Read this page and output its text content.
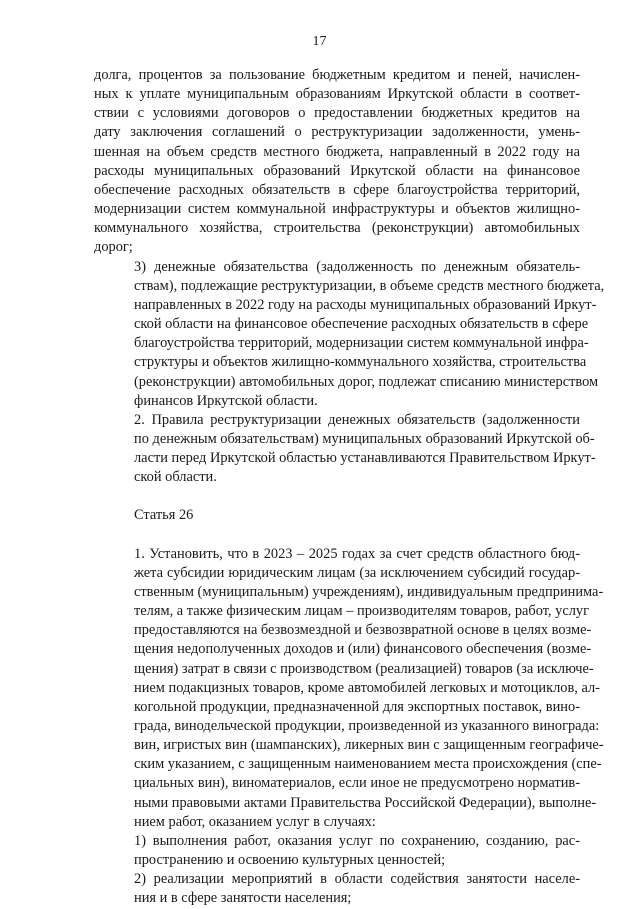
17
долга, процентов за пользование бюджетным кредитом и пеней, начислен-
ных к уплате муниципальным образованиям Иркутской области в соответ-
ствии с условиями договоров о предоставлении бюджетных кредитов на
дату заключения соглашений о реструктуризации задолженности, умень-
шенная на объем средств местного бюджета, направленный в 2022 году на
расходы муниципальных образований Иркутской области на финансовое
обеспечение расходных обязательств в сфере благоустройства территорий,
модернизации систем коммунальной инфраструктуры и объектов жилищно-
коммунального хозяйства, строительства (реконструкции) автомобильных
дорог;
3) денежные обязательства (задолженность по денежным обязатель-
ствам), подлежащие реструктуризации, в объеме средств местного бюджета,
направленных в 2022 году на расходы муниципальных образований Иркут-
ской области на финансовое обеспечение расходных обязательств в сфере
благоустройства территорий, модернизации систем коммунальной инфра-
структуры и объектов жилищно-коммунального хозяйства, строительства
(реконструкции) автомобильных дорог, подлежат списанию министерством
финансов Иркутской области.
2. Правила реструктуризации денежных обязательств (задолженности
по денежным обязательствам) муниципальных образований Иркутской об-
ласти перед Иркутской областью устанавливаются Правительством Иркут-
ской области.
Статья 26
1. Установить, что в 2023 – 2025 годах за счет средств областного бюд-
жета субсидии юридическим лицам (за исключением субсидий государ-
ственным (муниципальным) учреждениям), индивидуальным предпринима-
телям, а также физическим лицам – производителям товаров, работ, услуг
предоставляются на безвозмездной и безвозвратной основе в целях возме-
щения недополученных доходов и (или) финансового обеспечения (возме-
щения) затрат в связи с производством (реализацией) товаров (за исключе-
нием подакцизных товаров, кроме автомобилей легковых и мотоциклов, ал-
когольной продукции, предназначенной для экспортных поставок, вино-
града, винодельческой продукции, произведенной из указанного винограда:
вин, игристых вин (шампанских), ликерных вин с защищенным географиче-
ским указанием, с защищенным наименованием места происхождения (спе-
циальных вин), виноматериалов, если иное не предусмотрено норматив-
ными правовыми актами Правительства Российской Федерации), выполне-
нием работ, оказанием услуг в случаях:
1) выполнения работ, оказания услуг по сохранению, созданию, рас-
пространению и освоению культурных ценностей;
2) реализации мероприятий в области содействия занятости населе-
ния и в сфере занятости населения;
